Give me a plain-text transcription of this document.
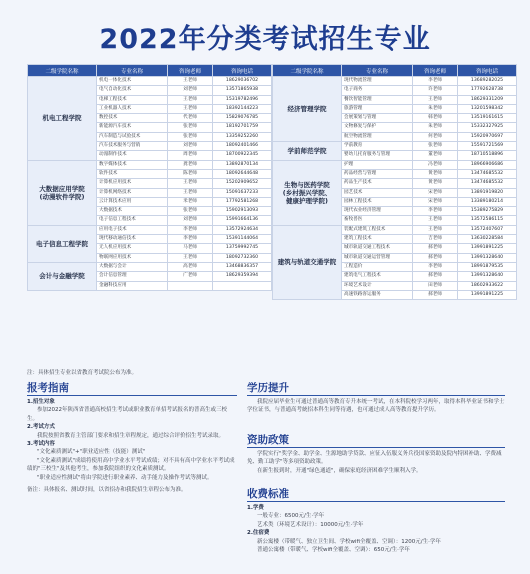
2022年分类考试招生专业
二级学院名称	专业名称	咨询老师	咨询电话
机电工程学院	机电一体化技术	王老师	18629036702
	电气自动化技术	刘老师	13571865938
	电梯工程技术	王老师	15319782496
	工业机器人技术	王老师	18392144223
	数控技术	代老师	15829076785
	新能源汽车技术	张老师	18192701759
	汽车制造与试验技术	张老师	13359252260
	汽车技术服务与营销	刘老师	18092401466
	动漫制作技术	周老师	18700922345
大数据应用学院
(动漫软件学院)	数字媒体技术	龚老师	13892870134
	软件技术	陈老师	18092644648
	计算机应用技术	王老师	15202909652
	计算机网络技术	王老师	15091637233
	云计算技术应用	米老师	17792581268
	大数据技术	张老师	15902913093
	电子信息工程技术	刘老师	15991664136
电子信息工程学院	应用电子技术	李老师	13572924634
	现代移动通信技术	李老师	15391144064
	无人机应用技术	马老师	13759992745
	物联网应用技术	王老师	18092732360
会计与金融学院	大数据与会计	高老师	13468836357
	会计信息管理	广老师	18629359394
	金融科技应用		
二级学院名称	专业名称	咨询老师	咨询电话
经济管理学院	现代物流管理	李老师	13689282025
	电子商务	许老师	17792628738
	餐饮智能管理	王老师	18629331209
	旅游管理	朱老师	13201598342
	会展策划与管理	韩老师	13519161615
	文物修复与保护	朱老师	15332327925
	航空物流管理	何老师	15920970697
学前师范学院	学前教育	张老师	15591721569
	婴幼儿托育服务与管理	董老师	18710518896
生物与医药学院
(乡村振兴学院、
健康护理学院)	护理	冯老师	18966906686
	药品经营与管理	黄老师	13474685532
	药品生产技术	黄老师	13474685532
	园艺技术	宋老师	13891919820
	园林工程技术	宋老师	13389180214
	现代农业经济管理	李老师	15389275829
	畜牧兽医	王老师	13572586115
建筑与轨道交通学院	装配式建筑工程技术	王老师	13572407607
	建筑工程技术	吉老师	13630228584
	城市轨道交通工程技术	郝老师	13991891225
	城市轨道交通运营管理	郝老师	13991328640
	工程造价	李老师	18991879535
	建筑电气工程技术	郝老师	13991328640
	环境艺术设计	田老师	18602933622
	高速铁路客运服务	郝老师	13991891225
注：具体招生专业以省教育考试院公布为准。
报考指南
1.招生对象
参加2022年陕西省普通高校招生考试或职业教育单招考试报名的普高生或三校生。
2.考试方式
我院按照省教育主管部门要求和招生章程规定，通过综合评价招生考试录取。
3.考试内容
"文化素质测试"+"职业适应性（技能）测试"
"文化素质测试"成绩将使用高中学业水平考试成绩；对不具有高中学业水平考试成绩的"三校生"及其他考生，参加我院组织的文化素质测试。
"职业适应性测试"将由学院进行职业素养、动手能力及操作考试等测试。
备注：具体报名、测试时间，以省招办和我院招生章程公布为准。
学历提升
我院应届毕业生可通过普通高等教育专升本统一考试，在本科院校学习两年，取得本科毕业证书和学士学位证书，与普通高考統招本科生同等待遇，也可通过成人高等教育提升学历。
资助政策
学院实行"奖学金、助学金、生源地助学贷款、应征入伍服义务兵役国家资助及院内特困补助、学费减免、勤工助学"等多项资助政策。
在新生报到时，开通"绿色通道"，确保家庭经济困难学生顺利入学。
收费标准
1.学费
一般专业：6500元/生·学年
艺术类（环境艺术设计）：10000元/生·学年
2.住宿费
新公寓楼（带暖气、独立卫生间、学校wifi全覆盖、空调）：1200元/生·学年
普通公寓楼（带暖气、学校wifi全覆盖、空调）：650元/生·学年
